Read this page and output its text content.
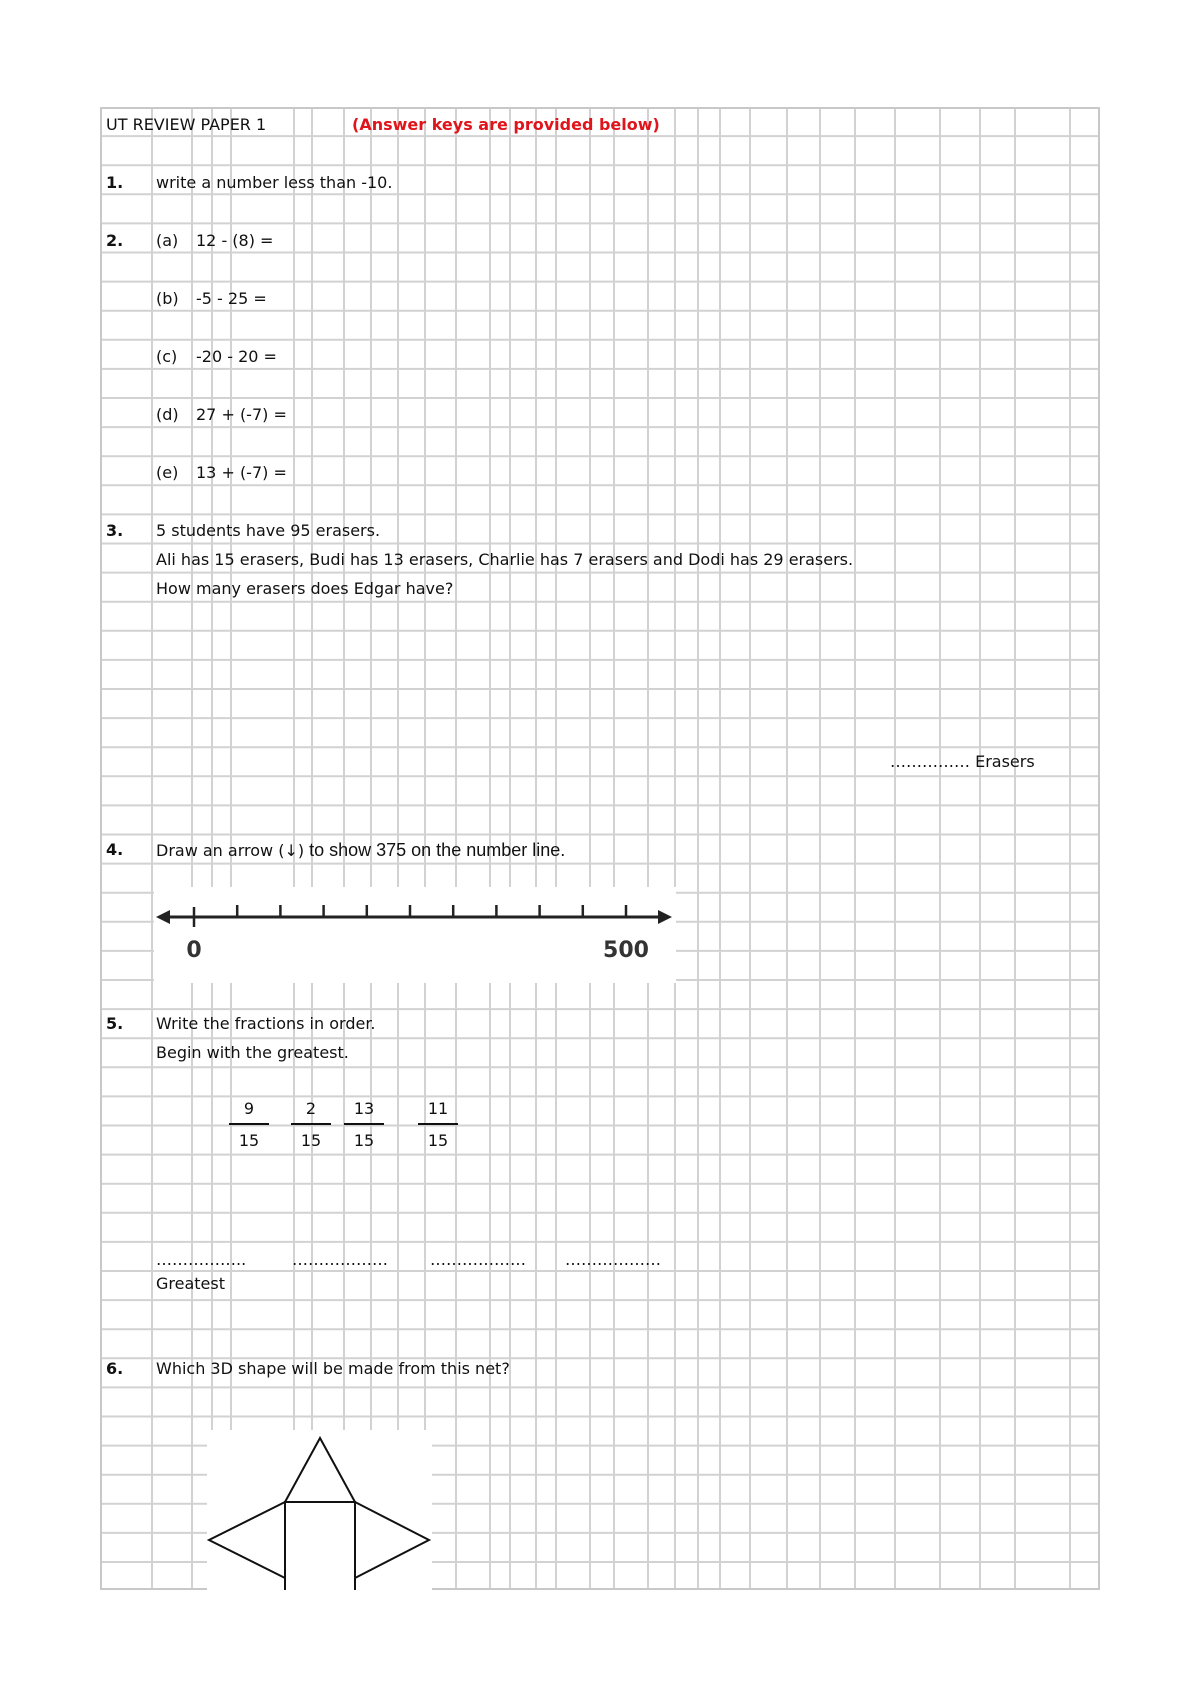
UT REVIEW PAPER 1	(Answer keys are provided below)
1. write a number less than -10.
2. (a) 12 - (8) =
(b) -5 - 25 =
(c) -20 - 20 =
(d) 27 + (-7) =
(e) 13 + (-7) =
3. 5 students have 95 erasers.
Ali has 15 erasers, Budi has 13 erasers, Charlie has 7 erasers and Dodi has 29 erasers.
How many erasers does Edgar have?
…………… Erasers
4. Draw an arrow (↓) to show 375 on the number line.
0	500
5. Write the fractions in order.
Begin with the greatest.
9
15
2
15
13
15
11
15
……………..	………………	……………… ………………
Greatest
6. Which 3D shape will be made from this net?
